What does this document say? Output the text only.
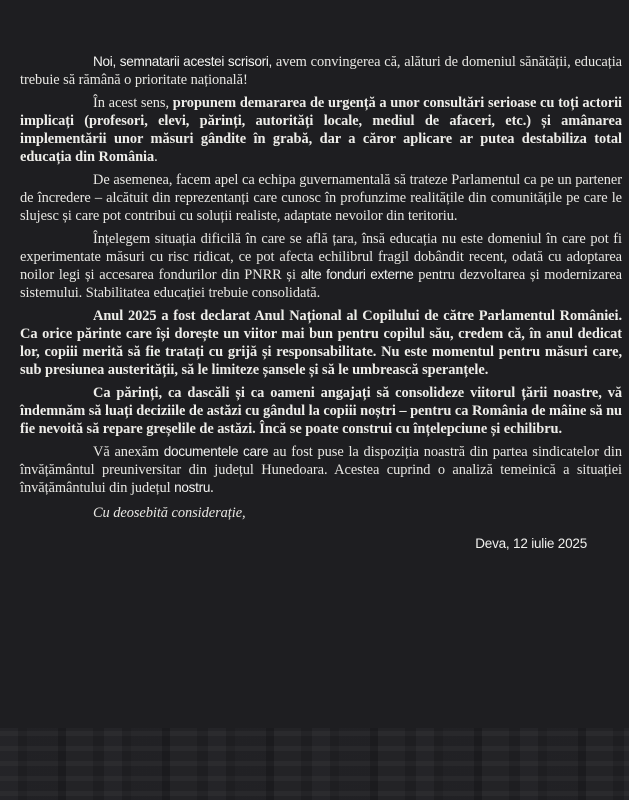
Noi, semnatarii acestei scrisori, avem convingerea că, alături de domeniul sănătății, educația trebuie să rămână o prioritate națională!

În acest sens, propunem demararea de urgență a unor consultări serioase cu toți actorii implicați (profesori, elevi, părinți, autorități locale, mediul de afaceri, etc.) și amânarea implementării unor măsuri gândite în grabă, dar a căror aplicare ar putea destabiliza total educația din România.

De asemenea, facem apel ca echipa guvernamentală să trateze Parlamentul ca pe un partener de încredere – alcătuit din reprezentanți care cunosc în profunzime realitățile din comunitățile pe care le slujesc și care pot contribui cu soluții realiste, adaptate nevoilor din teritoriu.

Înțelegem situația dificilă în care se află țara, însă educația nu este domeniul în care pot fi experimentate măsuri cu risc ridicat, ce pot afecta echilibrul fragil dobândit recent, odată cu adoptarea noilor legi și accesarea fondurilor din PNRR și alte fonduri externe pentru dezvoltarea și modernizarea sistemului. Stabilitatea educației trebuie consolidată.

Anul 2025 a fost declarat Anul Național al Copilului de către Parlamentul României. Ca orice părinte care își dorește un viitor mai bun pentru copilul său, credem că, în anul dedicat lor, copiii merită să fie tratați cu grijă și responsabilitate. Nu este momentul pentru măsuri care, sub presiunea austerității, să le limiteze șansele și să le umbrească speranțele.

Ca părinți, ca dascăli și ca oameni angajați să consolideze viitorul țării noastre, vă îndemnăm să luați deciziile de astăzi cu gândul la copiii noștri – pentru ca România de mâine să nu fie nevoită să repare greșelile de astăzi. Încă se poate construi cu înțelepciune și echilibru.

Vă anexăm documentele care au fost puse la dispoziția noastră din partea sindicatelor din învățământul preuniversitar din județul Hunedoara. Acestea cuprind o analiză temeinică a situației învățământului din județul nostru.

Cu deosebită considerație,

Deva, 12 iulie 2025
